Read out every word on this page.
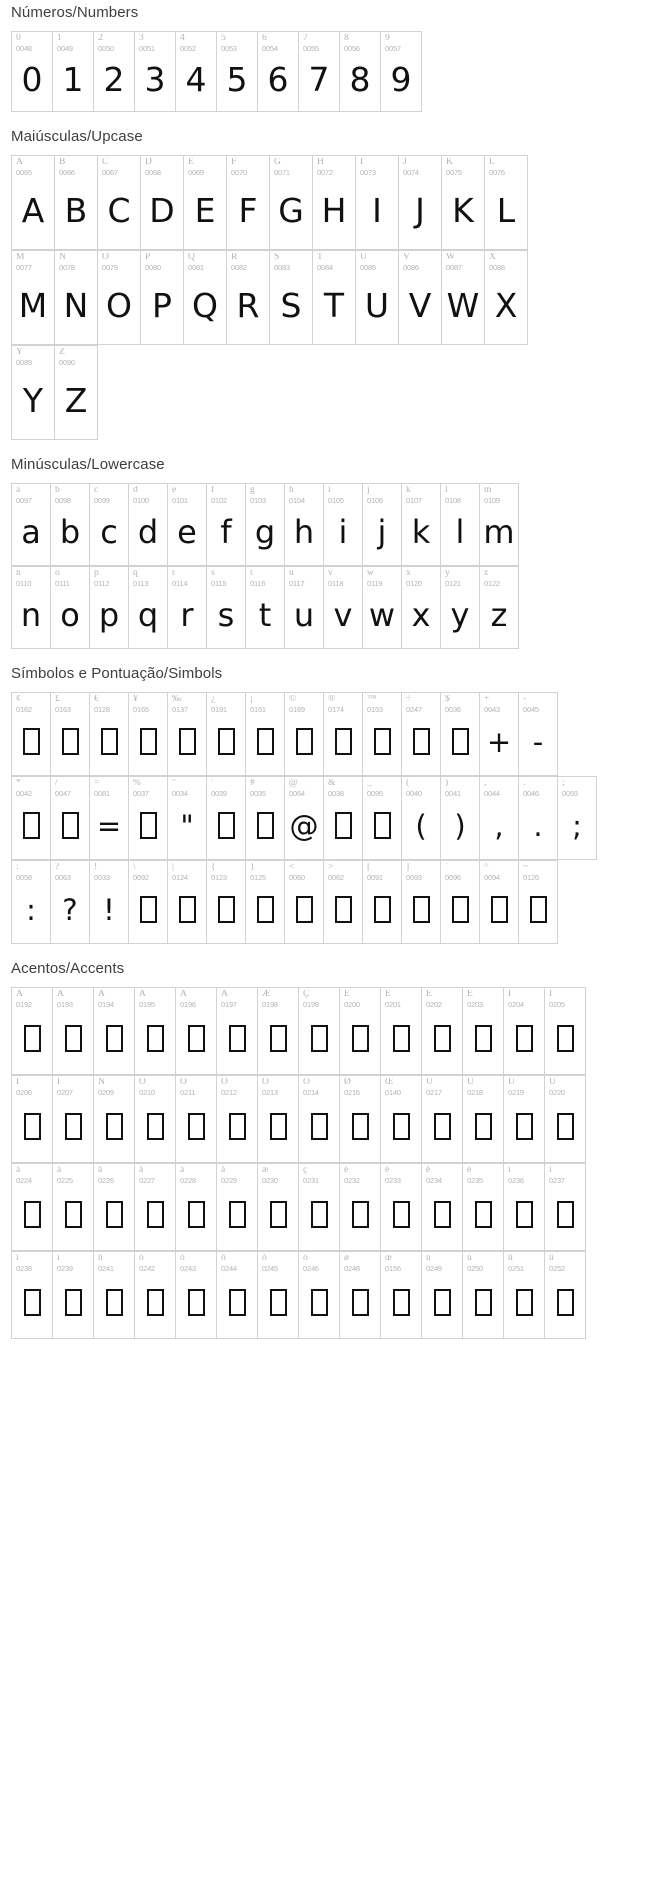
Números/Numbers
0
0048
0
1
0049
1
2
0050
2
3
0051
3
4
0052
4
5
0053
5
6
0054
6
7
0055
7
8
0056
8
9
0057
9
Maiúsculas/Upcase
A
0065
A
B
0066
B
C
0067
C
D
0068
D
E
0069
E
F
0070
F
G
0071
G
H
0072
H
I
0073
I
J
0074
J
K
0075
K
L
0076
L
M
0077
M
N
0078
N
O
0079
O
P
0080
P
Q
0081
Q
R
0082
R
S
0083
S
T
0084
T
U
0085
U
V
0086
V
W
0087
W
X
0088
X
Y
0089
Y
Z
0090
Z
Minúsculas/Lowercase
a
0097
a
b
0098
b
c
0099
c
d
0100
d
e
0101
e
f
0102
f
g
0103
g
h
0104
h
i
0105
i
j
0106
j
k
0107
k
l
0108
l
m
0109
m
n
0110
n
o
0111
o
p
0112
p
q
0113
q
r
0114
r
s
0115
s
t
0116
t
u
0117
u
v
0118
v
w
0119
w
x
0120
x
y
0121
y
z
0122
z
Símbolos e Pontuação/Simbols
¢
0162
£
0163
€
0128
¥
0165
‰
0137
¿
0191
¡
0161
©
0169
®
0174
™
0153
÷
0247
$
0036
+
0043
+
-
0045
-
*
0042
/
0047
=
0081
=
%
0037
"
0034
"
'
0039
#
0035
@
0064
@
&
0038
_
0095
(
0040
(
)
0041
)
,
0044
,
.
0046
.
;
0059
;
:
0058
:
?
0063
?
!
0033
!
\
0092
|
0124
{
0123
}
0125
<
0060
>
0062
[
0091
]
0093
`
0096
^
0094
~
0126
Acentos/Accents
À
0192
Á
0193
Â
0194
Ã
0195
Ä
0196
Å
0197
Æ
0198
Ç
0199
È
0200
É
0201
Ê
0202
Ë
0203
Ì
0204
Í
0205
Î
0206
Ï
0207
Ñ
0209
Ò
0210
Ó
0211
Ô
0212
Õ
0213
Ö
0214
Ø
0216
Œ
0140
Ù
0217
Ú
0218
Û
0219
Ü
0220
à
0224
á
0225
â
0226
ã
0227
ä
0228
å
0229
æ
0230
ç
0231
è
0232
é
0233
ê
0234
ë
0235
ì
0236
í
0237
î
0238
ï
0239
ñ
0241
ò
0242
ó
0243
ô
0244
õ
0245
ö
0246
ø
0248
œ
0156
ù
0249
ú
0250
û
0251
ü
0252
